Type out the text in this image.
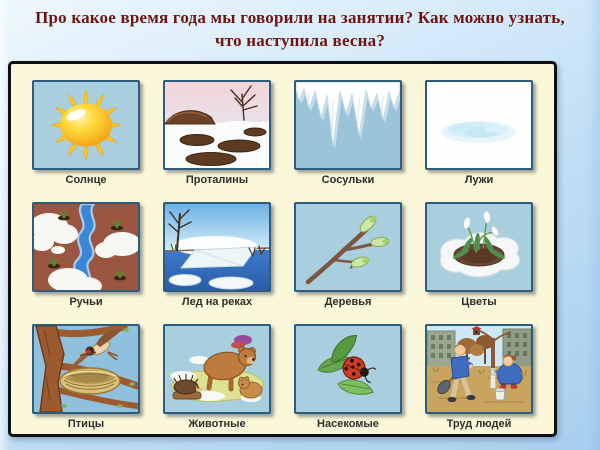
Про какое время года мы говорили на занятии? Как можно узнать,
что наступила весна?
Солнце	Проталины	Сосульки	Лужи
Ручьи	Лед на реках	Деревья	Цветы
Птицы	Животные	Насекомые	Труд людей
